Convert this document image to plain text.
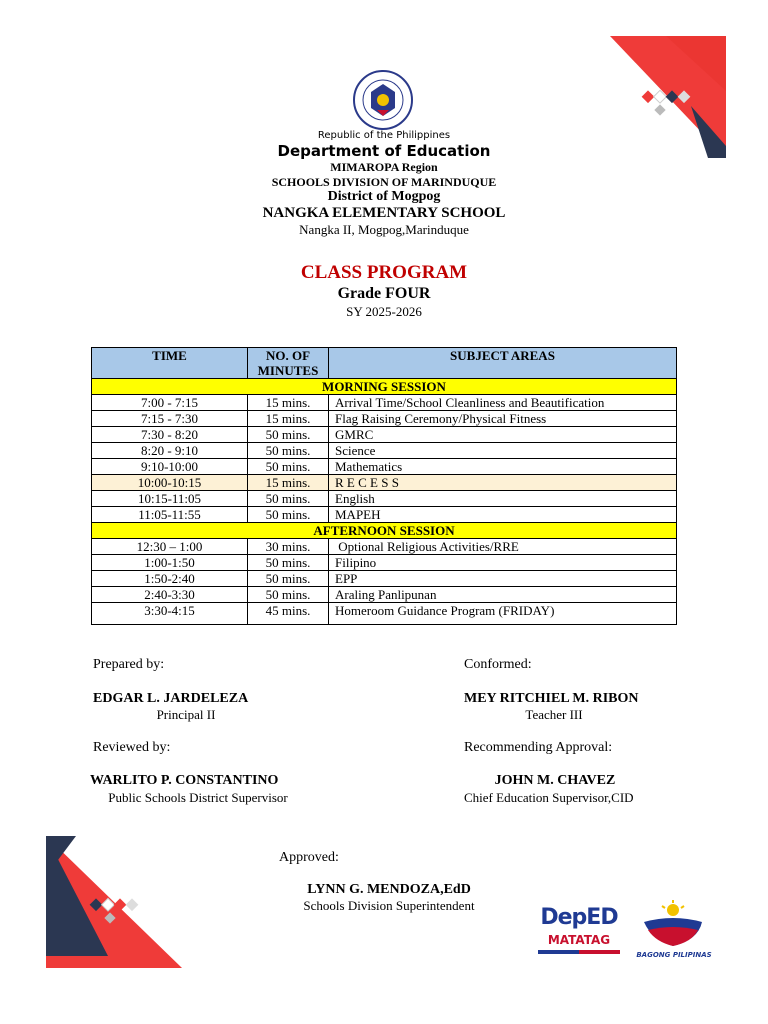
Republic of the Philippines
Department of Education
MIMAROPA Region
SCHOOLS DIVISION OF MARINDUQUE
District of Mogpog
NANGKA ELEMENTARY SCHOOL
Nangka II, Mogpog,Marinduque
CLASS PROGRAM
Grade FOUR
SY 2025-2026
TIME	NO. OF MINUTES	SUBJECT AREAS
MORNING SESSION		
7:00 - 7:15	15 mins.	Arrival Time/School Cleanliness and Beautification
7:15 - 7:30	15 mins.	Flag Raising Ceremony/Physical Fitness
7:30 - 8:20	50 mins.	GMRC
8:20 - 9:10	50 mins.	Science
9:10-10:00	50 mins.	Mathematics
10:00-10:15	15 mins.	R E C E S S
10:15-11:05	50 mins.	English
11:05-11:55	50 mins.	MAPEH
AFTERNOON SESSION		
12:30 – 1:00	30 mins.	Optional Religious Activities/RRE
1:00-1:50	50 mins.	Filipino
1:50-2:40	50 mins.	EPP
2:40-3:30	50 mins.	Araling Panlipunan
3:30-4:15	45 mins.	Homeroom Guidance Program (FRIDAY)
Prepared by:
EDGAR L. JARDELEZA
Principal II
Conformed:
MEY RITCHIEL M. RIBON
Teacher III
Reviewed by:
WARLITO P. CONSTANTINO
Public Schools District Supervisor
Recommending Approval:
JOHN M. CHAVEZ
Chief Education Supervisor,CID
Approved:
LYNN G. MENDOZA,EdD
Schools Division Superintendent	DepED
MATATAG
BAGONG PILIPINAS
